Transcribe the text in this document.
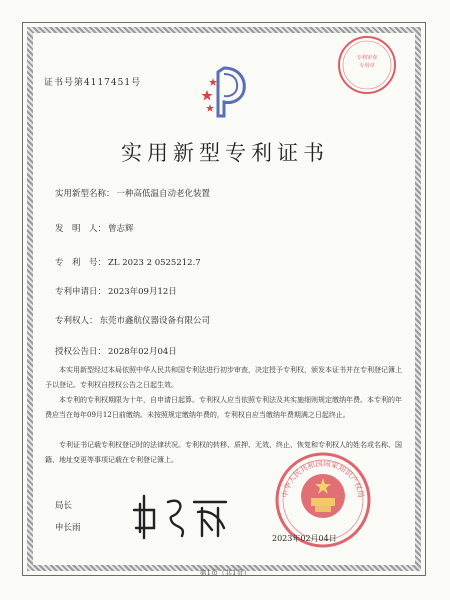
证书号第4117451号
专利审查
专用章
实用新型专利证书
实用新型名称： 一种高低温自动老化装置
发　明　人： 曾志辉
专　利　号： ZL 2023 2 0525212.7
专利申请日： 2023年09月12日
专利权人： 东莞市鑫航仪器设备有限公司
授权公告日： 2028年02月04日
本实用新型经过本局依照中华人民共和国专利法进行初步审查，决定授予专利权，颁发本证书并在专利登记簿上予以登记。专利权自授权公告之日起生效。
本专利的专利权期限为十年，自申请日起算。专利权人应当依照专利法及其实施细则规定缴纳年费。本专利的年费应当在每年09月12日前缴纳。未按照规定缴纳年费的，专利权自应当缴纳年费期满之日起终止。
专利证书记载专利权登记时的法律状况。专利权的转移、质押、无效、终止、恢复和专利权人的姓名或名称、国籍、地址变更等事项记载在专利登记簿上。
中华人民共和国国家知识产权局
局长
申长雨
2023年02月04日
第1页（共1页）
